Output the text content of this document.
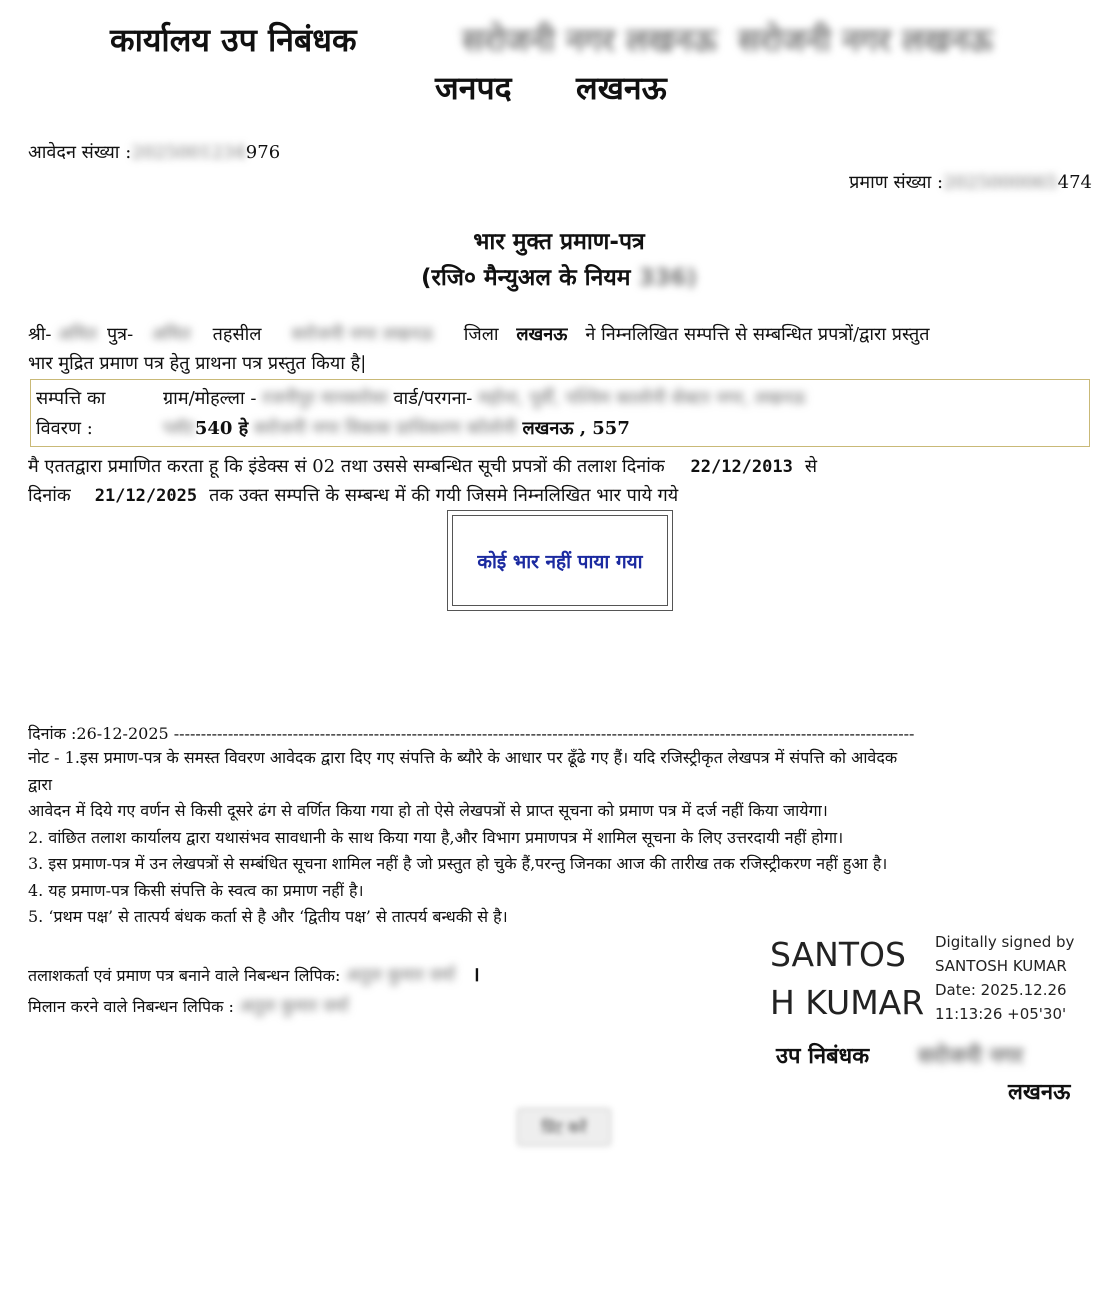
कार्यालय उप निबंधक	सरोजनी नगर लखनऊ सरोजनी नगर लखनऊ
जनपद लखनऊ
आवेदन संख्या :2025001234976
प्रमाण संख्या :2025000065474
भार मुक्त प्रमाण-पत्र
(रजि० मैन्युअल के नियम 336)
श्री- अमित पुत्र- अमित तहसील सरोजनी नगर लखनऊ जिला लखनऊ ने निम्नलिखित सम्पत्ति से सम्बन्धित प्रपत्रों/द्वारा प्रस्तुत
भार मुद्रित प्रमाण पत्र हेतु प्राथना पत्र प्रस्तुत किया है|
सम्पत्ति का
विवरण :
ग्राम/मोहल्ला - रजनीपुर मानसरोवर वार्ड/परगना- महोना, पूर्वी, पश्चिम कालोनी सेक्टर नगर, लखनऊ
प्लॉट540 हे सरोजनी नगर विकास प्राधिकरण कॉलोनी लखनऊ , 557
मै एततद्वारा प्रमाणित करता हू कि इंडेक्स सं 02 तथा उससे सम्बन्धित सूची प्रपत्रों की तलाश दिनांक 22/12/2013 से
दिनांक 21/12/2025 तक उक्त सम्पत्ति के सम्बन्ध में की गयी जिसमे निम्नलिखित भार पाये गये
कोई भार नहीं पाया गया
दिनांक :26-12-2025 -----------------------------------------------------------------------------------------------------------------------------------------
नोट - 1.इस प्रमाण-पत्र के समस्त विवरण आवेदक द्वारा दिए गए संपत्ति के ब्यौरे के आधार पर ढूँढे गए हैं। यदि रजिस्ट्रीकृत लेखपत्र में संपत्ति को आवेदक
द्वारा
आवेदन में दिये गए वर्णन से किसी दूसरे ढंग से वर्णित किया गया हो तो ऐसे लेखपत्रों से प्राप्त सूचना को प्रमाण पत्र में दर्ज नहीं किया जायेगा।
2. वांछित तलाश कार्यालय द्वारा यथासंभव सावधानी के साथ किया गया है,और विभाग प्रमाणपत्र में शामिल सूचना के लिए उत्तरदायी नहीं होगा।
3. इस प्रमाण-पत्र में उन लेखपत्रों से सम्बंधित सूचना शामिल नहीं है जो प्रस्तुत हो चुके हैं,परन्तु जिनका आज की तारीख तक रजिस्ट्रीकरण नहीं हुआ है।
4. यह प्रमाण-पत्र किसी संपत्ति के स्वत्व का प्रमाण नहीं है।
5. ‘प्रथम पक्ष’ से तात्पर्य बंधक कर्ता से है और ‘द्वितीय पक्ष’ से तात्पर्य बन्धकी से है।
तलाशकर्ता एवं प्रमाण पत्र बनाने वाले निबन्धन लिपिक: अतुल कुमार वर्मा ।
मिलान करने वाले निबन्धन लिपिक : अतुल कुमार वर्मा
SANTOS
H KUMAR
Digitally signed by
SANTOSH KUMAR
Date: 2025.12.26
11:13:26 +05'30'
उप निबंधक सरोजनी नगर
लखनऊ
प्रिंट करें
